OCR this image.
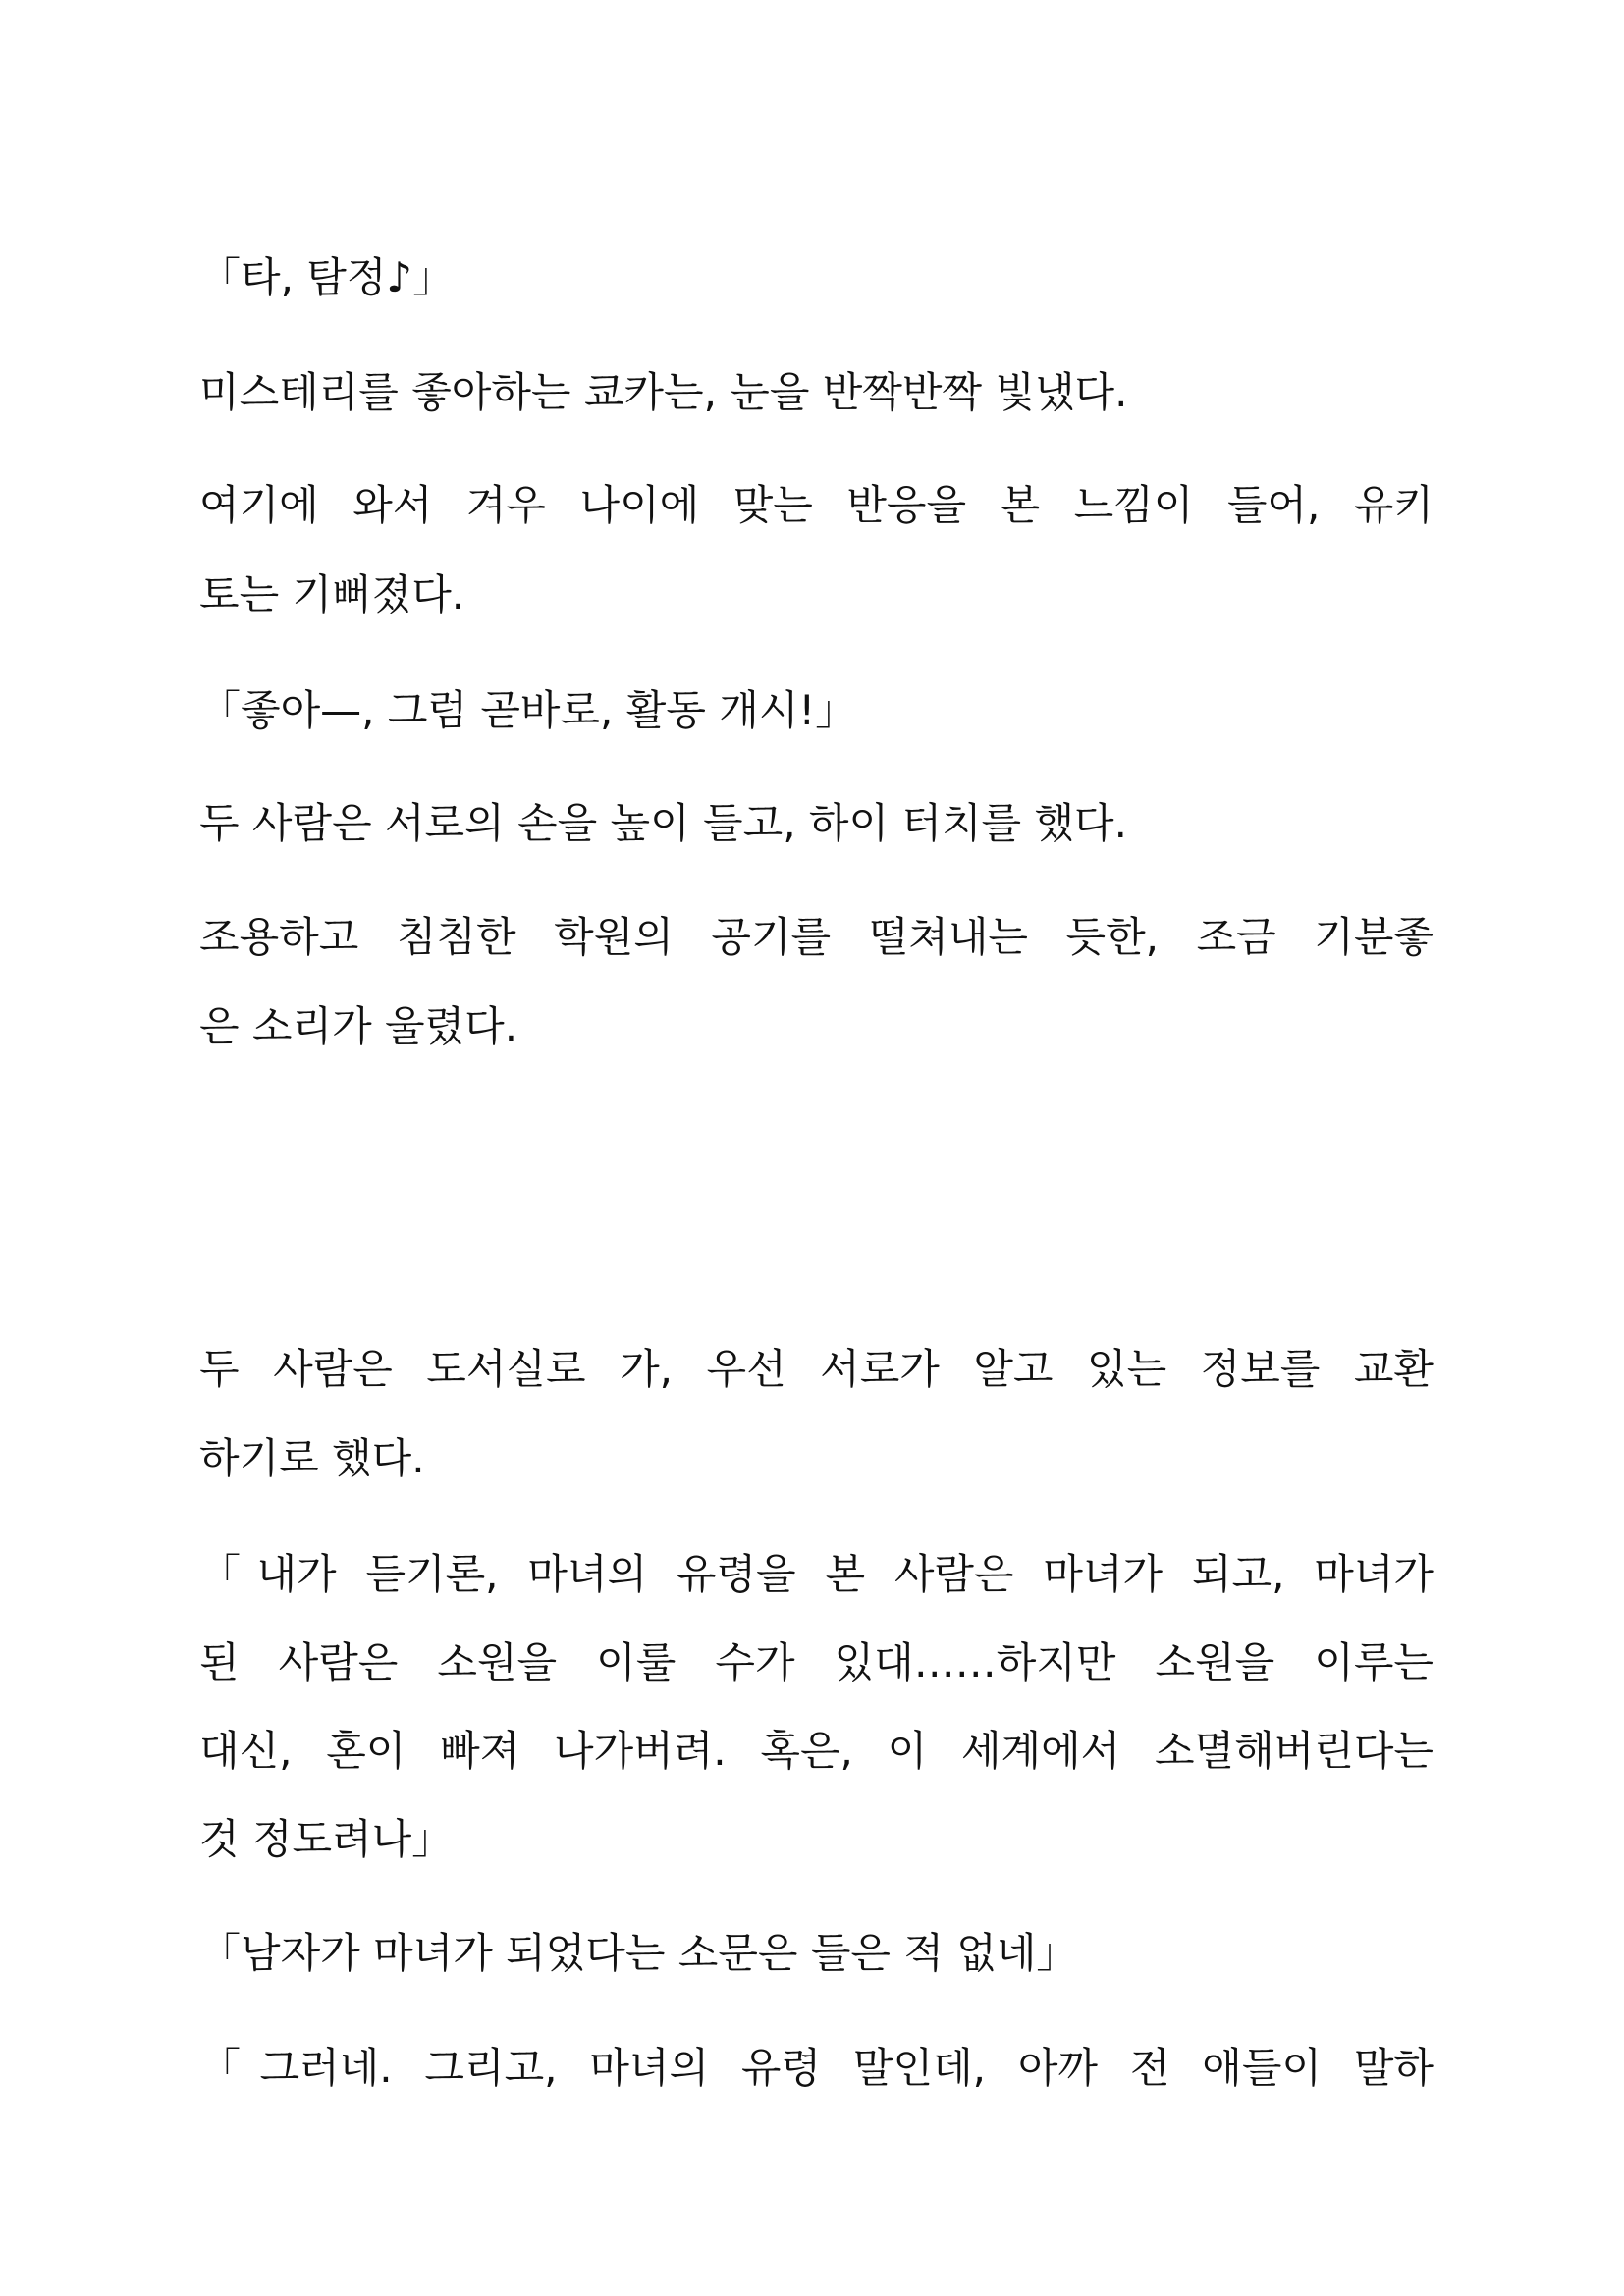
「타, 탐정♪」
미스테리를 좋아하는 쿄카는, 눈을 반짝반짝 빛냈다.
여기에 와서 겨우 나이에 맞는 반응을 본 느낌이 들어, 유키
토는 기뻐졌다.
「좋아—, 그럼 곧바로, 활동 개시!」
두 사람은 서로의 손을 높이 들고, 하이 터치를 했다.
조용하고 침침한 학원의 공기를 떨쳐내는 듯한, 조금 기분좋
은 소리가 울렸다.
두 사람은 도서실로 가, 우선 서로가 알고 있는 정보를 교환
하기로 했다.
「내가 듣기론, 마녀의 유령을 본 사람은 마녀가 되고, 마녀가
된 사람은 소원을 이룰 수가 있대……하지만 소원을 이루는
대신, 혼이 빠져 나가버려. 혹은, 이 세계에서 소멸해버린다는
것 정도려나」
「남자가 마녀가 되었다는 소문은 들은 적 없네」
「그러네. 그리고, 마녀의 유령 말인데, 아까 전 애들이 말하
